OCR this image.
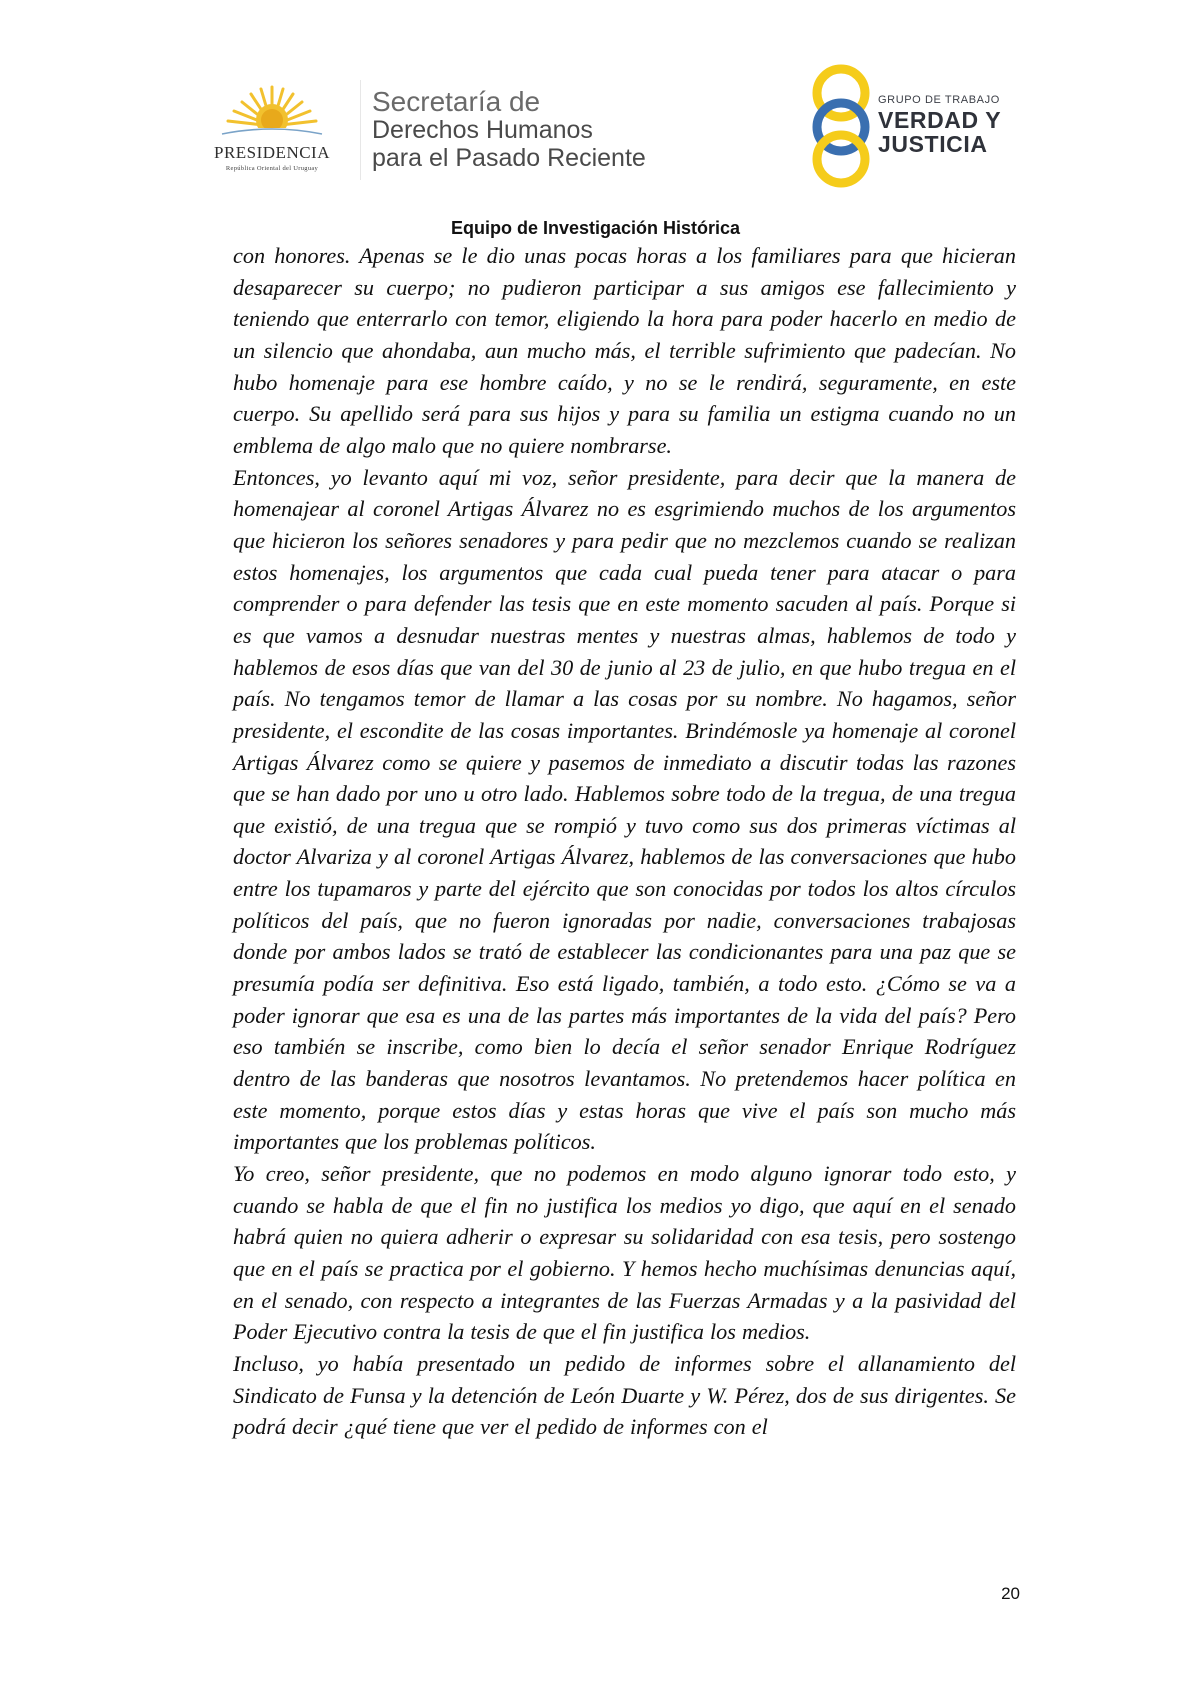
PRESIDENCIA
República Oriental del Uruguay
Secretaría de
Derechos Humanos
para el Pasado Reciente
GRUPO DE TRABAJO
VERDAD Y
JUSTICIA
Equipo de Investigación Histórica

con honores. Apenas se le dio unas pocas horas a los familiares para que hicieran desaparecer su cuerpo; no pudieron participar a sus amigos ese fallecimiento y teniendo que enterrarlo con temor, eligiendo la hora para poder hacerlo en medio de un silencio que ahondaba, aun mucho más, el terrible sufrimiento que padecían. No hubo homenaje para ese hombre caído, y no se le rendirá, seguramente, en este cuerpo. Su apellido será para sus hijos y para su familia un estigma cuando no un emblema de algo malo que no quiere nombrarse.

Entonces, yo levanto aquí mi voz, señor presidente, para decir que la manera de homenajear al coronel Artigas Álvarez no es esgrimiendo muchos de los argumentos que hicieron los señores senadores y para pedir que no mezclemos cuando se realizan estos homenajes, los argumentos que cada cual pueda tener para atacar o para comprender o para defender las tesis que en este momento sacuden al país. Porque si es que vamos a desnudar nuestras mentes y nuestras almas, hablemos de todo y hablemos de esos días que van del 30 de junio al 23 de julio, en que hubo tregua en el país. No tengamos temor de llamar a las cosas por su nombre. No hagamos, señor presidente, el escondite de las cosas importantes. Brindémosle ya homenaje al coronel Artigas Álvarez como se quiere y pasemos de inmediato a discutir todas las razones que se han dado por uno u otro lado. Hablemos sobre todo de la tregua, de una tregua que existió, de una tregua que se rompió y tuvo como sus dos primeras víctimas al doctor Alvariza y al coronel Artigas Álvarez, hablemos de las conversaciones que hubo entre los tupamaros y parte del ejército que son conocidas por todos los altos círculos políticos del país, que no fueron ignoradas por nadie, conversaciones trabajosas donde por ambos lados se trató de establecer las condicionantes para una paz que se presumía podía ser definitiva. Eso está ligado, también, a todo esto. ¿Cómo se va a poder ignorar que esa es una de las partes más importantes de la vida del país? Pero eso también se inscribe, como bien lo decía el señor senador Enrique Rodríguez dentro de las banderas que nosotros levantamos. No pretendemos hacer política en este momento, porque estos días y estas horas que vive el país son mucho más importantes que los problemas políticos.

Yo creo, señor presidente, que no podemos en modo alguno ignorar todo esto, y cuando se habla de que el fin no justifica los medios yo digo, que aquí en el senado habrá quien no quiera adherir o expresar su solidaridad con esa tesis, pero sostengo que en el país se practica por el gobierno. Y hemos hecho muchísimas denuncias aquí, en el senado, con respecto a integrantes de las Fuerzas Armadas y a la pasividad del Poder Ejecutivo contra la tesis de que el fin justifica los medios.

Incluso, yo había presentado un pedido de informes sobre el allanamiento del Sindicato de Funsa y la detención de León Duarte y W. Pérez, dos de sus dirigentes. Se podrá decir ¿qué tiene que ver el pedido de informes con el

20
